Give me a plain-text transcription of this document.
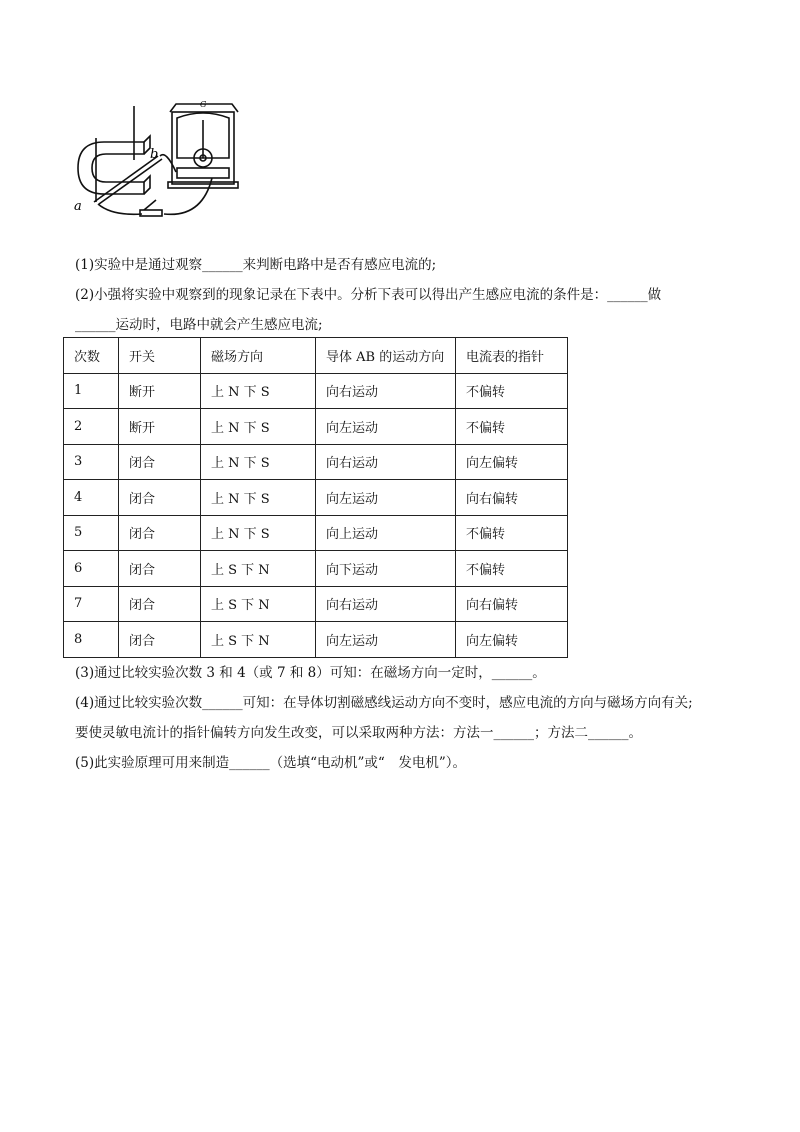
G
a
b
(1)实验中是通过观察______来判断电路中是否有感应电流的;
(2)小强将实验中观察到的现象记录在下表中。分析下表可以得出产生感应电流的条件是：______做
______运动时，电路中就会产生感应电流;
次数	开关	磁场方向	导体 AB 的运动方向	电流表的指针
1	断开	上 N 下 S	向右运动	不偏转
2	断开	上 N 下 S	向左运动	不偏转
3	闭合	上 N 下 S	向右运动	向左偏转
4	闭合	上 N 下 S	向左运动	向右偏转
5	闭合	上 N 下 S	向上运动	不偏转
6	闭合	上 S 下 N	向下运动	不偏转
7	闭合	上 S 下 N	向右运动	向右偏转
8	闭合	上 S 下 N	向左运动	向左偏转
(3)通过比较实验次数 3 和 4（或 7 和 8）可知：在磁场方向一定时，______。
(4)通过比较实验次数______可知：在导体切割磁感线运动方向不变时，感应电流的方向与磁场方向有关;
要使灵敏电流计的指针偏转方向发生改变，可以采取两种方法：方法一______；方法二______。
(5)此实验原理可用来制造______（选填“电动机”或“　发电机”）。
